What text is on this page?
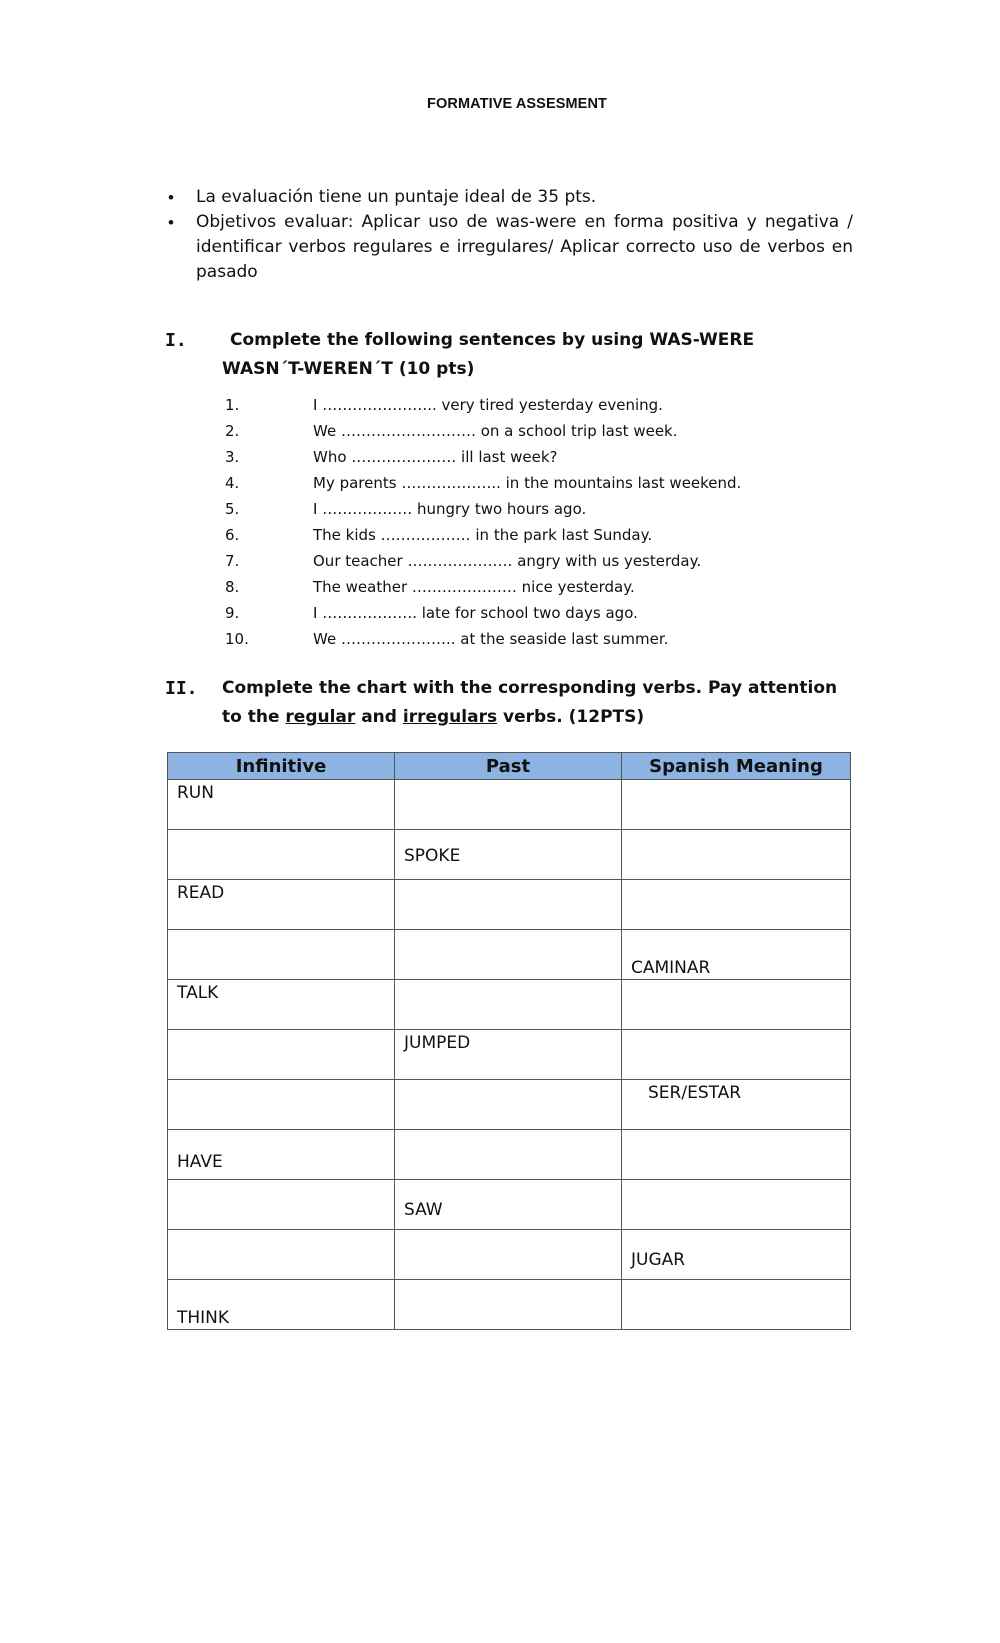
FORMATIVE ASSESMENT
• La evaluación tiene un puntaje ideal de 35 pts.
• Objetivos evaluar: Aplicar uso de was-were en forma positiva y negativa / identificar verbos regulares e irregulares/ Aplicar correcto uso de verbos en pasado
I.	Complete the following sentences by using WAS-WERE WASN´T-WEREN´T (10 pts)
1.	I ………………….. very tired yesterday evening.
2.	We ……………………… on a school trip last week.
3.	Who ………………… ill last week?
4.	My parents ……………….. in the mountains last weekend.
5.	I ……………… hungry two hours ago.
6.	The kids ……………… in the park last Sunday.
7.	Our teacher ………………… angry with us yesterday.
8.	The weather ………………… nice yesterday.
9.	I ………………. late for school two days ago.
10.	We ………………….. at the seaside last summer.
II. Complete the chart with the corresponding verbs. Pay attention to the regular and irregulars verbs. (12PTS)
Infinitive	Past	Spanish Meaning

RUN		

	SPOKE	

READ		

		CAMINAR

TALK		

	JUMPED	

		SER/ESTAR

HAVE		

	SAW	

		JUGAR

THINK		
